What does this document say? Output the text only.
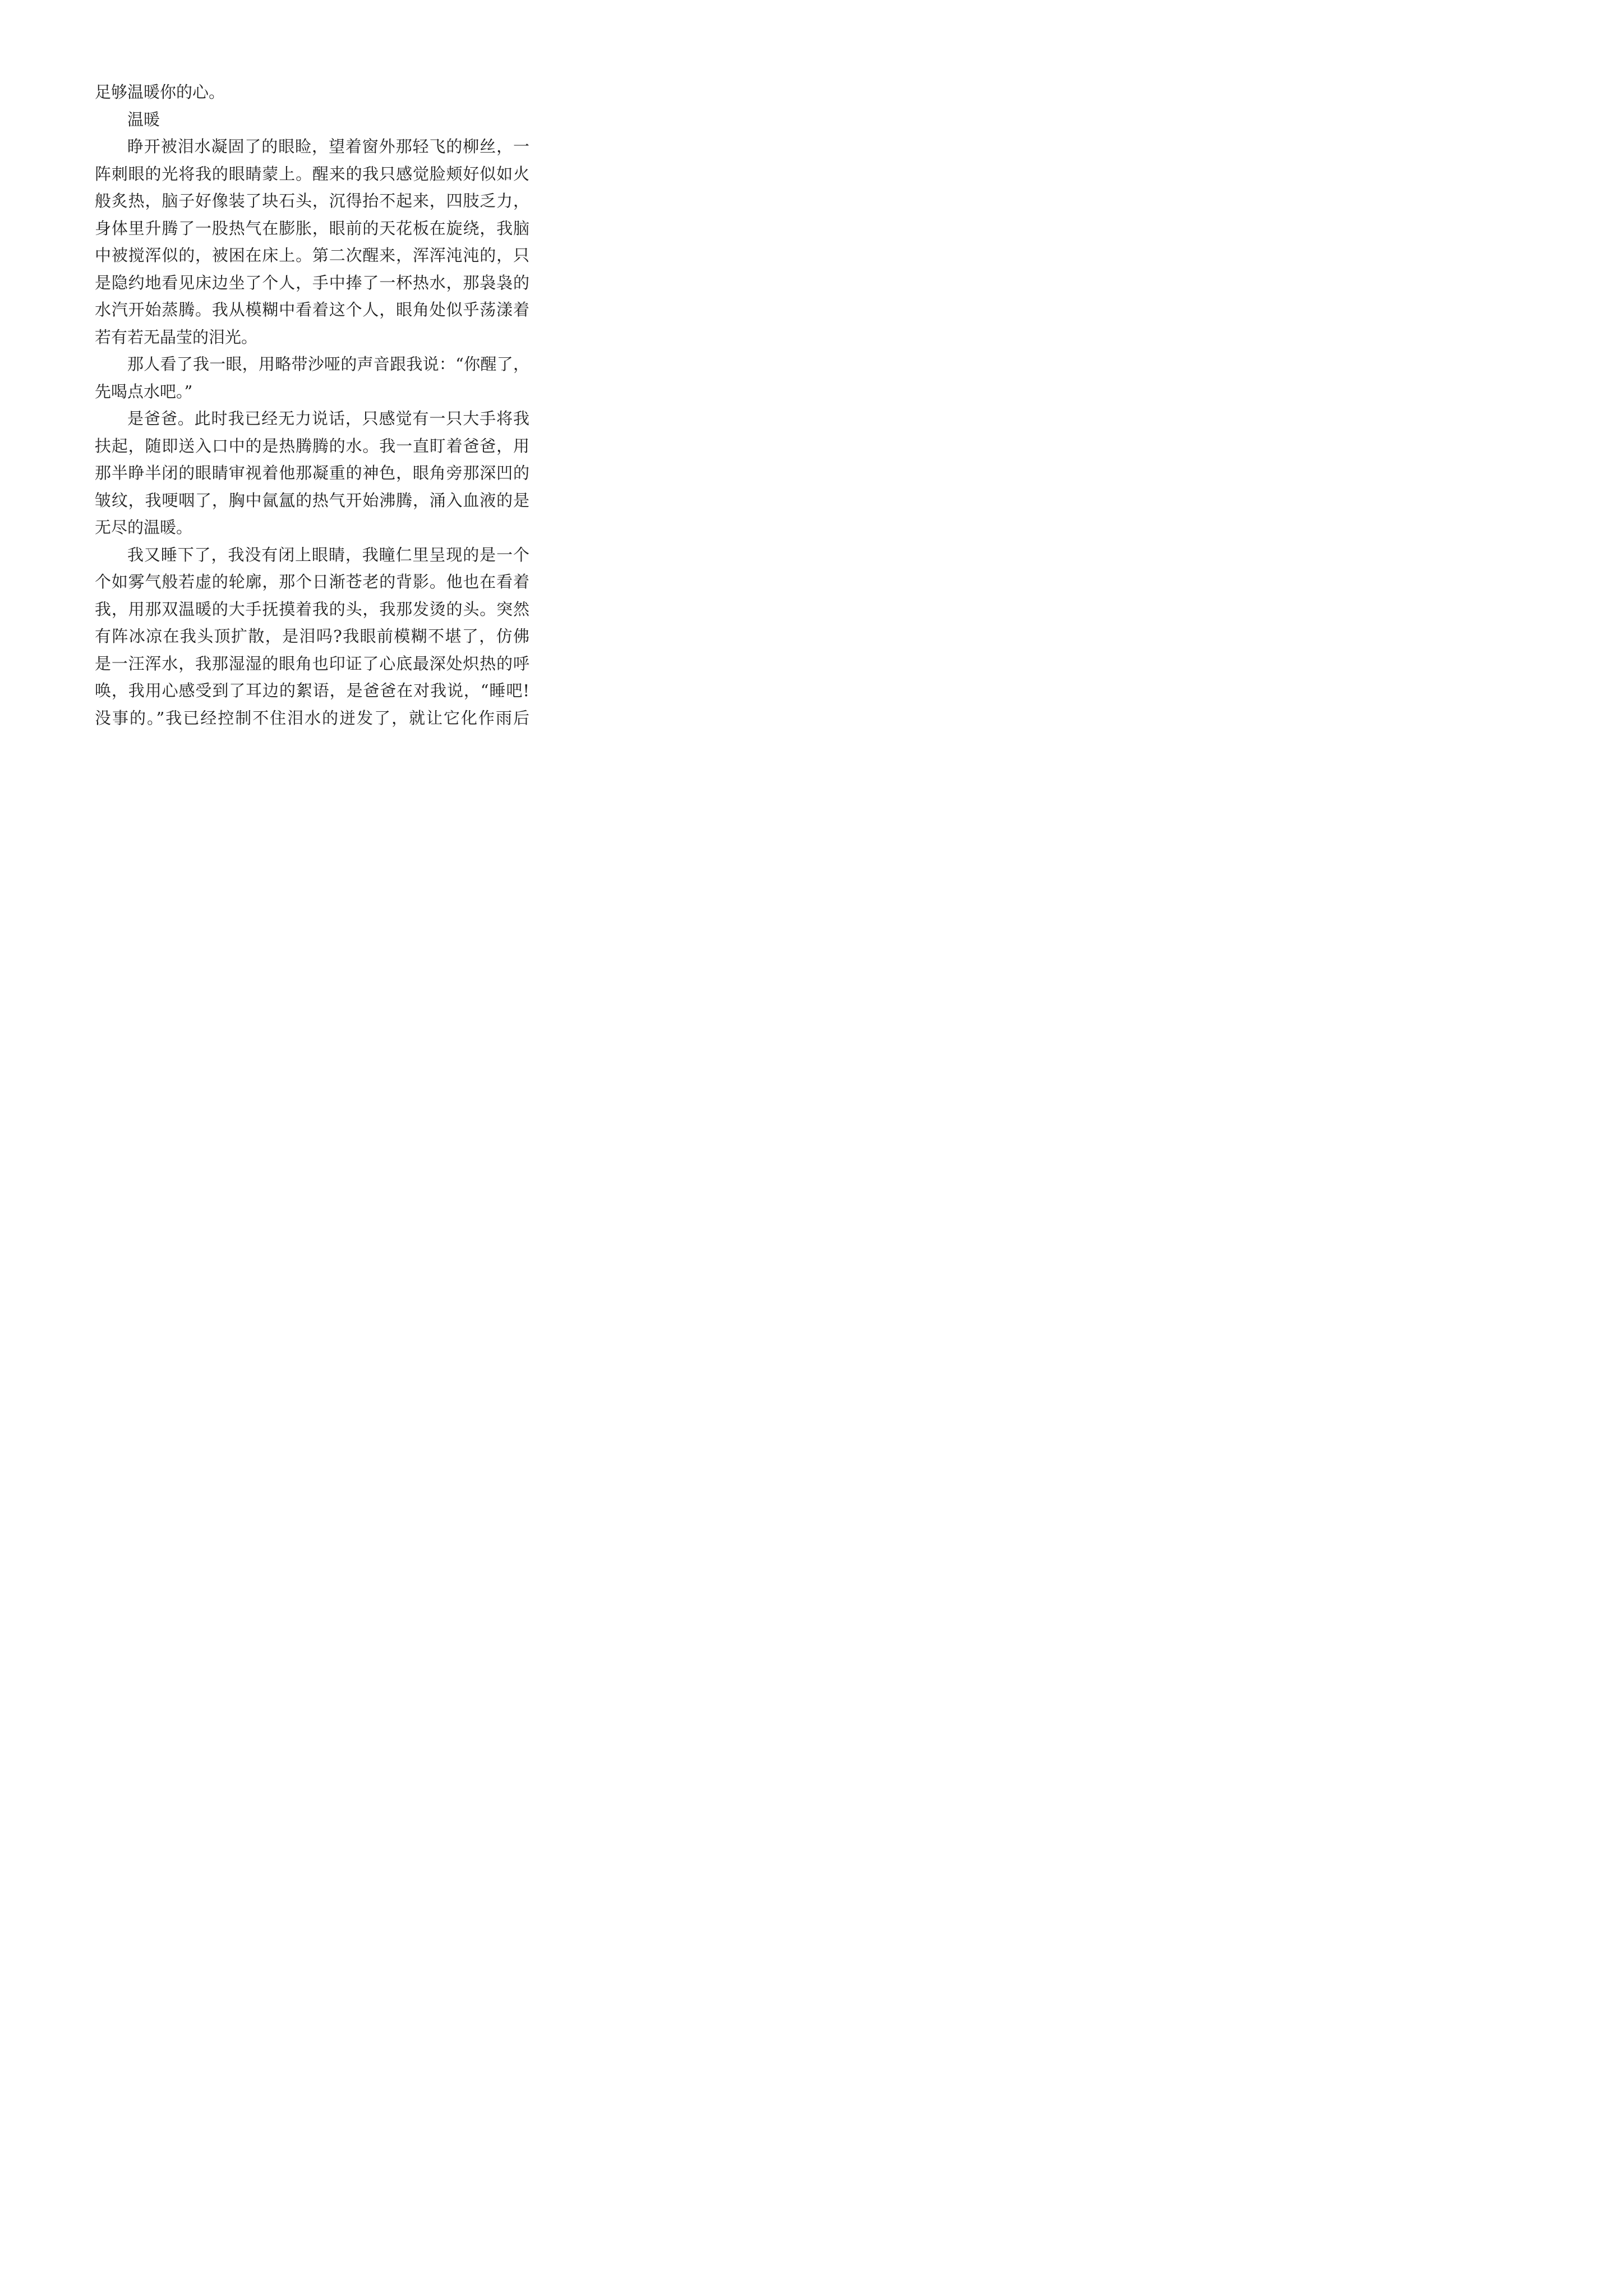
足够温暖你的心。
温暖
睁开被泪水凝固了的眼睑，望着窗外那轻飞的柳丝，一
阵刺眼的光将我的眼睛蒙上。醒来的我只感觉脸颊好似如火
般炙热，脑子好像装了块石头，沉得抬不起来，四肢乏力，
身体里升腾了一股热气在膨胀，眼前的天花板在旋绕，我脑
中被搅浑似的，被困在床上。第二次醒来，浑浑沌沌的，只
是隐约地看见床边坐了个人，手中捧了一杯热水，那袅袅的
水汽开始蒸腾。我从模糊中看着这个人，眼角处似乎荡漾着
若有若无晶莹的泪光。
那人看了我一眼，用略带沙哑的声音跟我说：“你醒了，
先喝点水吧。”
是爸爸。此时我已经无力说话，只感觉有一只大手将我
扶起，随即送入口中的是热腾腾的水。我一直盯着爸爸，用
那半睁半闭的眼睛审视着他那凝重的神色，眼角旁那深凹的
皱纹，我哽咽了，胸中氤氲的热气开始沸腾，涌入血液的是
无尽的温暖。
我又睡下了，我没有闭上眼睛，我瞳仁里呈现的是一个
个如雾气般若虚的轮廓，那个日渐苍老的背影。他也在看着
我，用那双温暖的大手抚摸着我的头，我那发烫的头。突然
有阵冰凉在我头顶扩散，是泪吗?我眼前模糊不堪了，仿佛
是一汪浑水，我那湿湿的眼角也印证了心底最深处炽热的呼
唤，我用心感受到了耳边的絮语，是爸爸在对我说，“睡吧!
没事的。”我已经控制不住泪水的迸发了，就让它化作雨后
